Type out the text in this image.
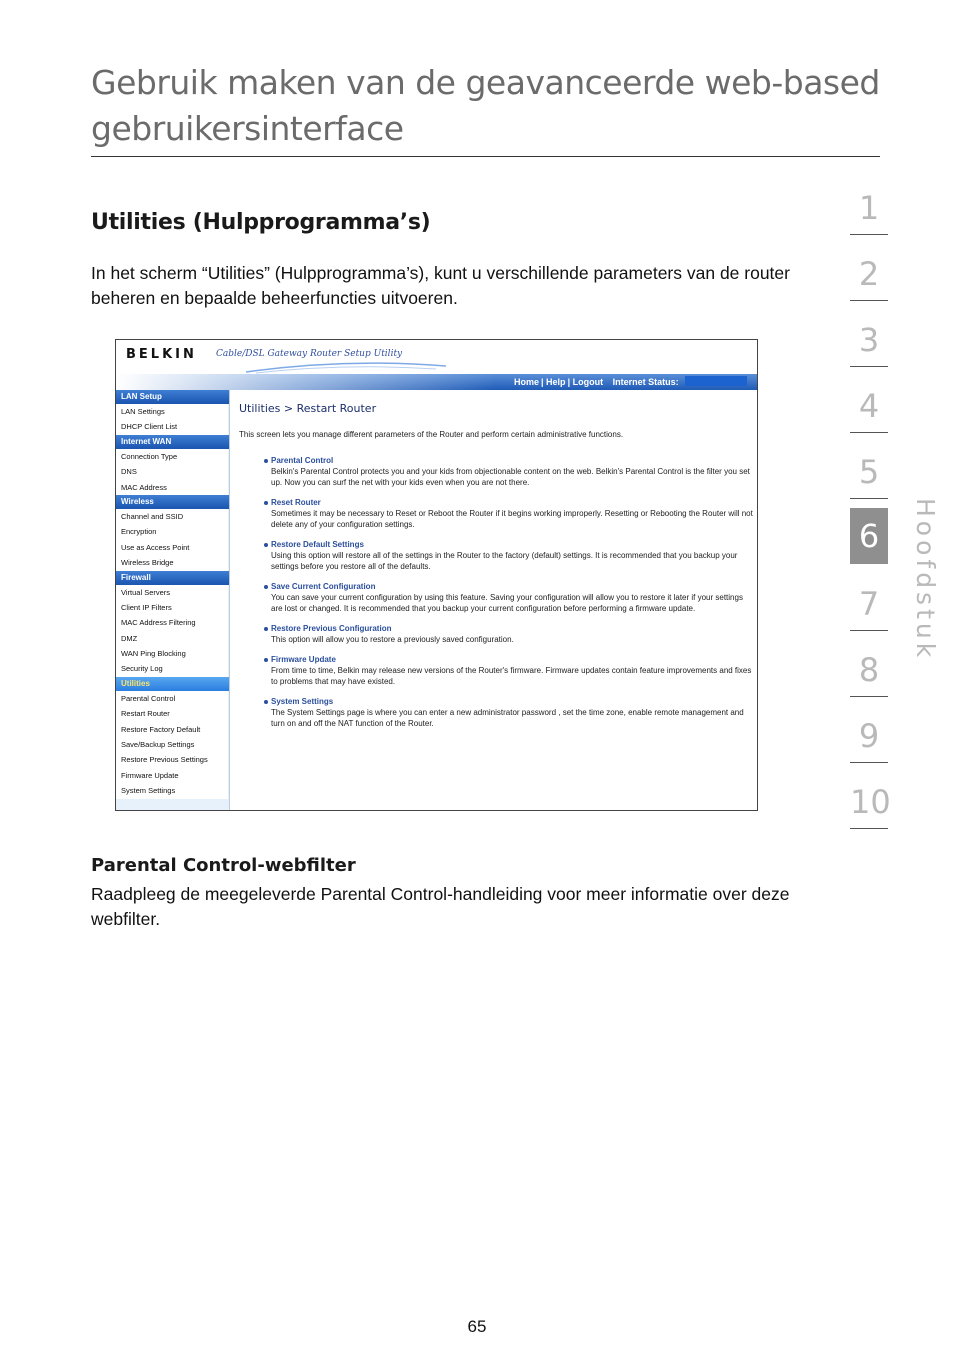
Gebruik maken van de geavanceerde web-based gebruikersinterface
Utilities (Hulpprogramma’s)
In het scherm “Utilities” (Hulpprogramma’s), kunt u verschillende parameters van de router beheren en bepaalde beheerfuncties uitvoeren.
1
2
3
4
5
6
7
8
9
10
Hoofdstuk
BELKIN Cable/DSL Gateway Router Setup Utility
Home | Help | Logout Internet Status:
LAN Setup
LAN Settings
DHCP Client List
Internet WAN
Connection Type
DNS
MAC Address
Wireless
Channel and SSID
Encryption
Use as Access Point
Wireless Bridge
Firewall
Virtual Servers
Client IP Filters
MAC Address Filtering
DMZ
WAN Ping Blocking
Security Log
Utilities
Parental Control
Restart Router
Restore Factory Default
Save/Backup Settings
Restore Previous Settings
Firmware Update
System Settings
Utilities > Restart Router
This screen lets you manage different parameters of the Router and perform certain administrative functions.
Parental Control
Belkin's Parental Control protects you and your kids from objectionable content on the web. Belkin's Parental Control is the filter you set up. Now you can surf the net with your kids even when you are not there.
Reset Router
Sometimes it may be necessary to Reset or Reboot the Router if it begins working improperly. Resetting or Rebooting the Router will not delete any of your configuration settings.
Restore Default Settings
Using this option will restore all of the settings in the Router to the factory (default) settings. It is recommended that you backup your settings before you restore all of the defaults.
Save Current Configuration
You can save your current configuration by using this feature. Saving your configuration will allow you to restore it later if your settings are lost or changed. It is recommended that you backup your current configuration before performing a firmware update.
Restore Previous Configuration
This option will allow you to restore a previously saved configuration.
Firmware Update
From time to time, Belkin may release new versions of the Router's firmware. Firmware updates contain feature improvements and fixes to problems that may have existed.
System Settings
The System Settings page is where you can enter a new administrator password , set the time zone, enable remote management and turn on and off the NAT function of the Router.
Parental Control-webfilter
Raadpleeg de meegeleverde Parental Control-handleiding voor meer informatie over deze webfilter.
65
